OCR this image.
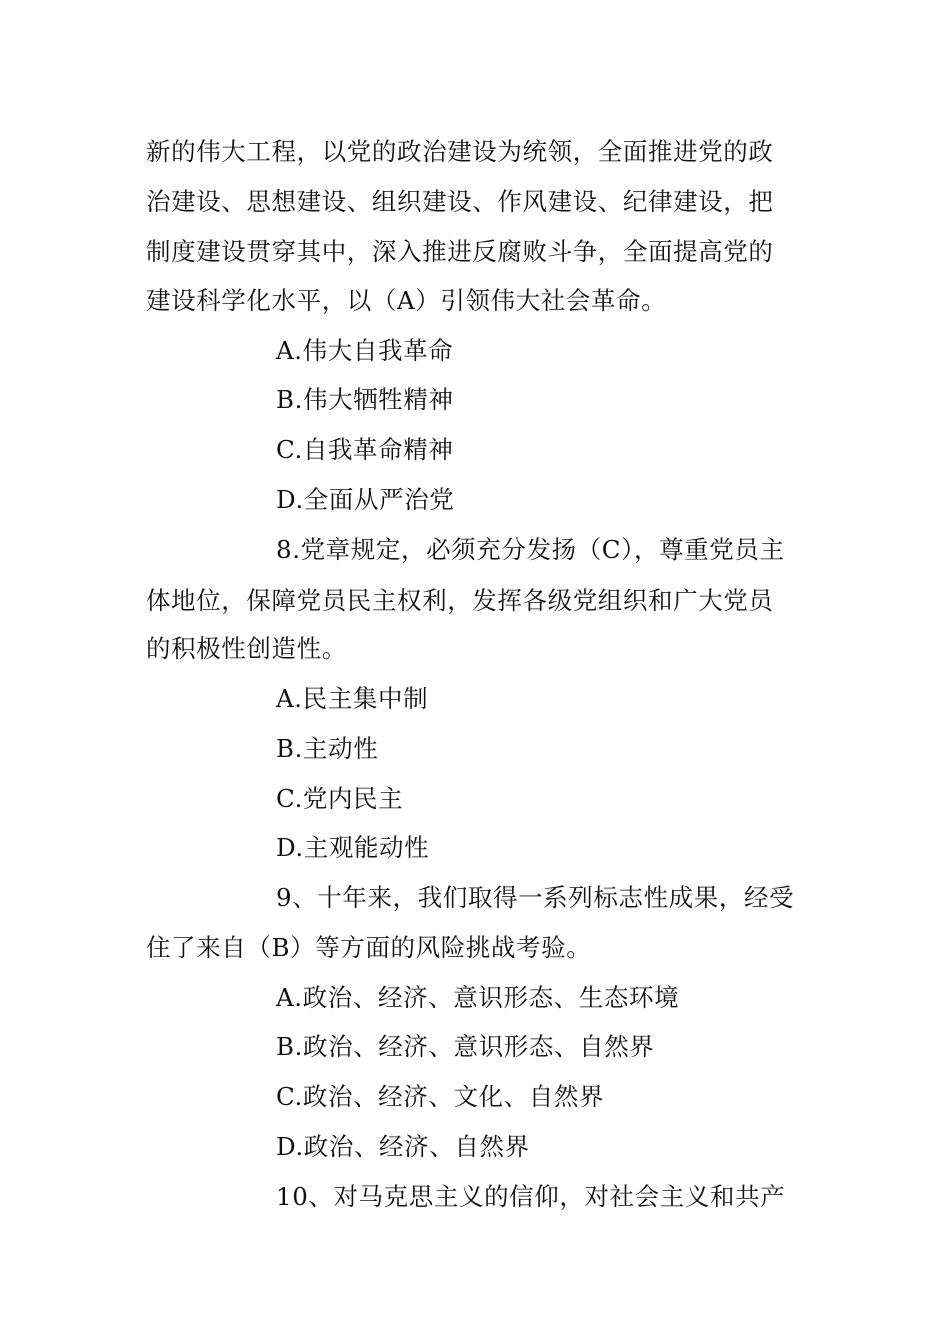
新的伟大工程，以党的政治建设为统领，全面推进党的政
治建设、思想建设、组织建设、作风建设、纪律建设，把
制度建设贯穿其中，深入推进反腐败斗争，全面提高党的
建设科学化水平，以（A）引领伟大社会革命。
A.伟大自我革命
B.伟大牺牲精神
C.自我革命精神
D.全面从严治党
8.党章规定，必须充分发扬（C），尊重党员主
体地位，保障党员民主权利，发挥各级党组织和广大党员
的积极性创造性。
A.民主集中制
B.主动性
C.党内民主
D.主观能动性
9、十年来，我们取得一系列标志性成果，经受
住了来自（B）等方面的风险挑战考验。
A.政治、经济、意识形态、生态环境
B.政治、经济、意识形态、自然界
C.政治、经济、文化、自然界
D.政治、经济、自然界
10、对马克思主义的信仰，对社会主义和共产
